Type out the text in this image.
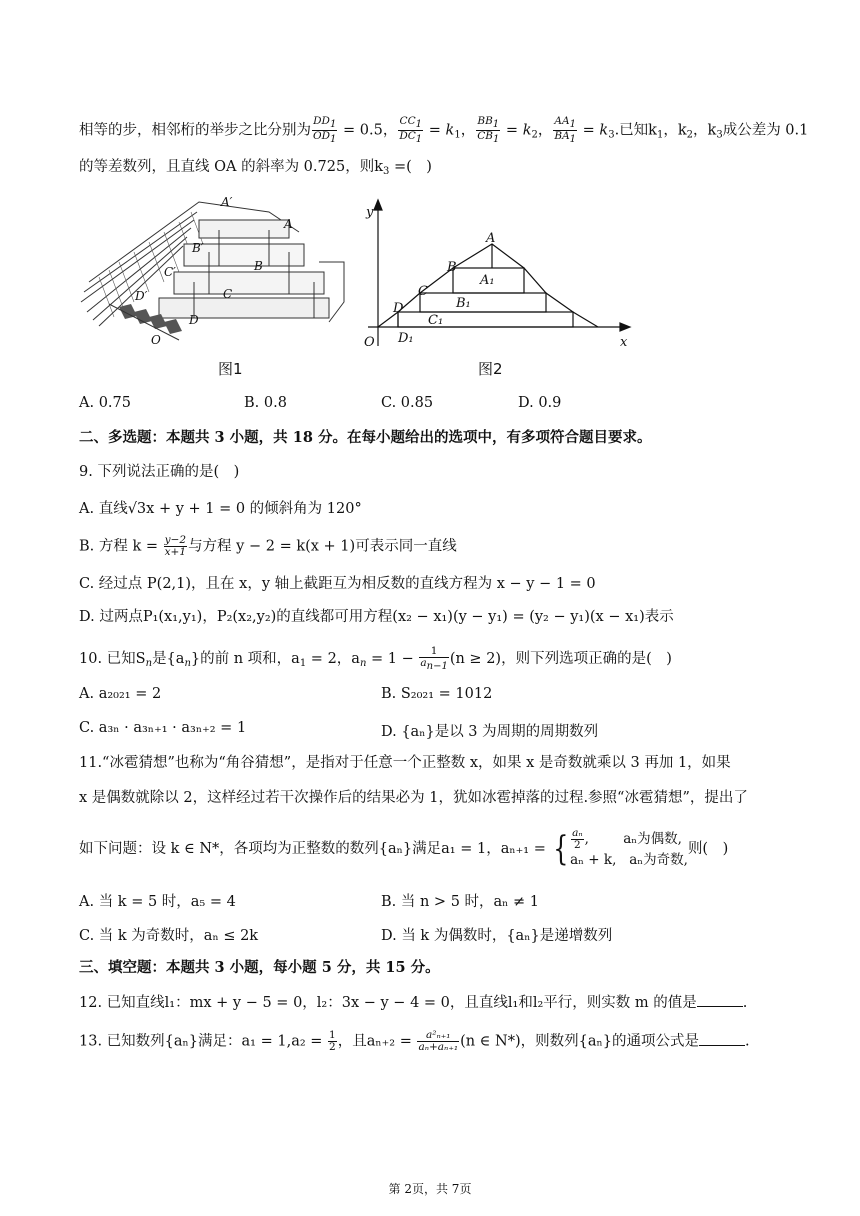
相等的步，相邻桁的举步之比分别为 $\frac{DD1}{OD1} = 0.5$， $\frac{CC1}{DC1} = k_1$， $\frac{BB1}{CB1} = k_2$， $\frac{AA1}{BA1} = k_3$.已知$k_1$，$k_2$，$k_3$成公差为 0.1
的等差数列，且直线 OA 的斜率为 0.725，则$k_3$ =(　)
A′
A
B′
B
C′
C
D′
D
O
y
x
O
A
B
C
D
A₁
B₁
C₁
D₁
图1	图2
A. 0.75	B. 0.8	C. 0.85	D. 0.9
二、多选题：本题共 3 小题，共 18 分。在每小题给出的选项中，有多项符合题目要求。
9. 下列说法正确的是(　)
A. 直线√3x + y + 1 = 0 的倾斜角为 120°
B. 方程 $k = \frac{y-2}{x+1}$ 与方程 y − 2 = k(x + 1)可表示同一直线
C. 经过点 P(2,1)，且在 x，y 轴上截距互为相反数的直线方程为 x − y − 1 = 0
D. 过两点P₁(x₁,y₁)，P₂(x₂,y₂)的直线都可用方程(x₂ − x₁)(y − y₁) = (y₂ − y₁)(x − x₁)表示
10. 已知$S_n$是$\{a_n\}$的前 n 项和，$a_1 = 2$，$a_n = 1 - \frac{1}{an-1} (n \ge 2)$，则下列选项正确的是(　)
A. a₂₀₂₁ = 2	B. S₂₀₂₁ = 1012
C. a₃ₙ · a₃ₙ₊₁ · a₃ₙ₊₂ = 1	D. {aₙ}是以 3 为周期的周期数列
11.“冰雹猜想”也称为“角谷猜想”，是指对于任意一个正整数 x，如果 x 是奇数就乘以 3 再加 1，如果
x 是偶数就除以 2，这样经过若干次操作后的结果必为 1，犹如冰雹掉落的过程.参照“冰雹猜想”，提出了
如下问题：设 k ∈ N*，各项均为正整数的数列{aₙ}满足a₁ = 1，aₙ₊₁ = { $\frac{\text{aₙ}}{2}$ ,        aₙ为偶数,
aₙ + k, aₙ为奇数,
则(　)
A. 当 k = 5 时，a₅ = 4	B. 当 n > 5 时，aₙ ≠ 1
C. 当 k 为奇数时，aₙ ≤ 2k	D. 当 k 为偶数时，{aₙ}是递增数列
三、填空题：本题共 3 小题，每小题 5 分，共 15 分。
12. 已知直线l₁：mx + y − 5 = 0，l₂：3x − y − 4 = 0，且直线l₁和l₂平行，则实数 m 的值是	.
13. 已知数列{aₙ}满足：$a_1 = 1,a_2 = \frac{1}{2}$ ，且$a_{n+2} = \frac{\text{a²ₙ₊₁}}{\text{aₙ+aₙ₊₁}} (n$ ∈ N*)，则数列{aₙ}的通项公式是	.
第 2页，共 7页
